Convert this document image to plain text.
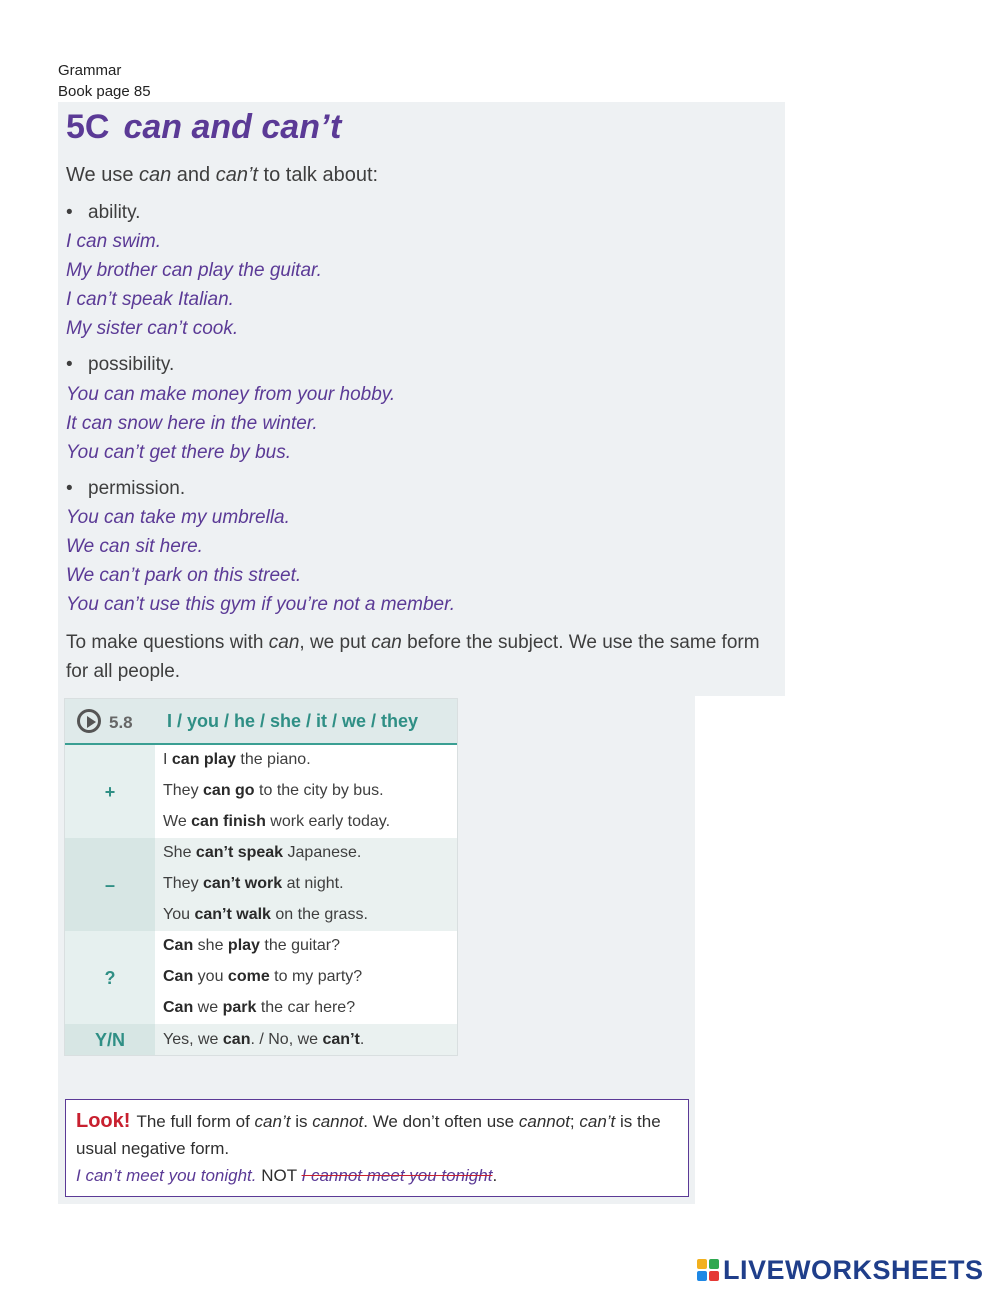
Grammar
Book page 85
5C can and can’t
We use can and can’t to talk about:
• ability.
I can swim.
My brother can play the guitar.
I can’t speak Italian.
My sister can’t cook.
• possibility.
You can make money from your hobby.
It can snow here in the winter.
You can’t get there by bus.
• permission.
You can take my umbrella.
We can sit here.
We can’t park on this street.
You can’t use this gym if you’re not a member.
To make questions with can, we put can before the subject. We use the same form for all people.
5.8 I / you / he / she / it / we / they
+
I can play the piano.
They can go to the city by bus.
We can finish work early today.
–
She can’t speak Japanese.
They can’t work at night.
You can’t walk on the grass.
?
Can she play the guitar?
Can you come to my party?
Can we park the car here?
Y/N	Yes, we can. / No, we can’t.
Look! The full form of can’t is cannot. We don’t often use cannot; can’t is the usual negative form.
I can’t meet you tonight. NOT I cannot meet you tonight.
LIVEWORKSHEETS
